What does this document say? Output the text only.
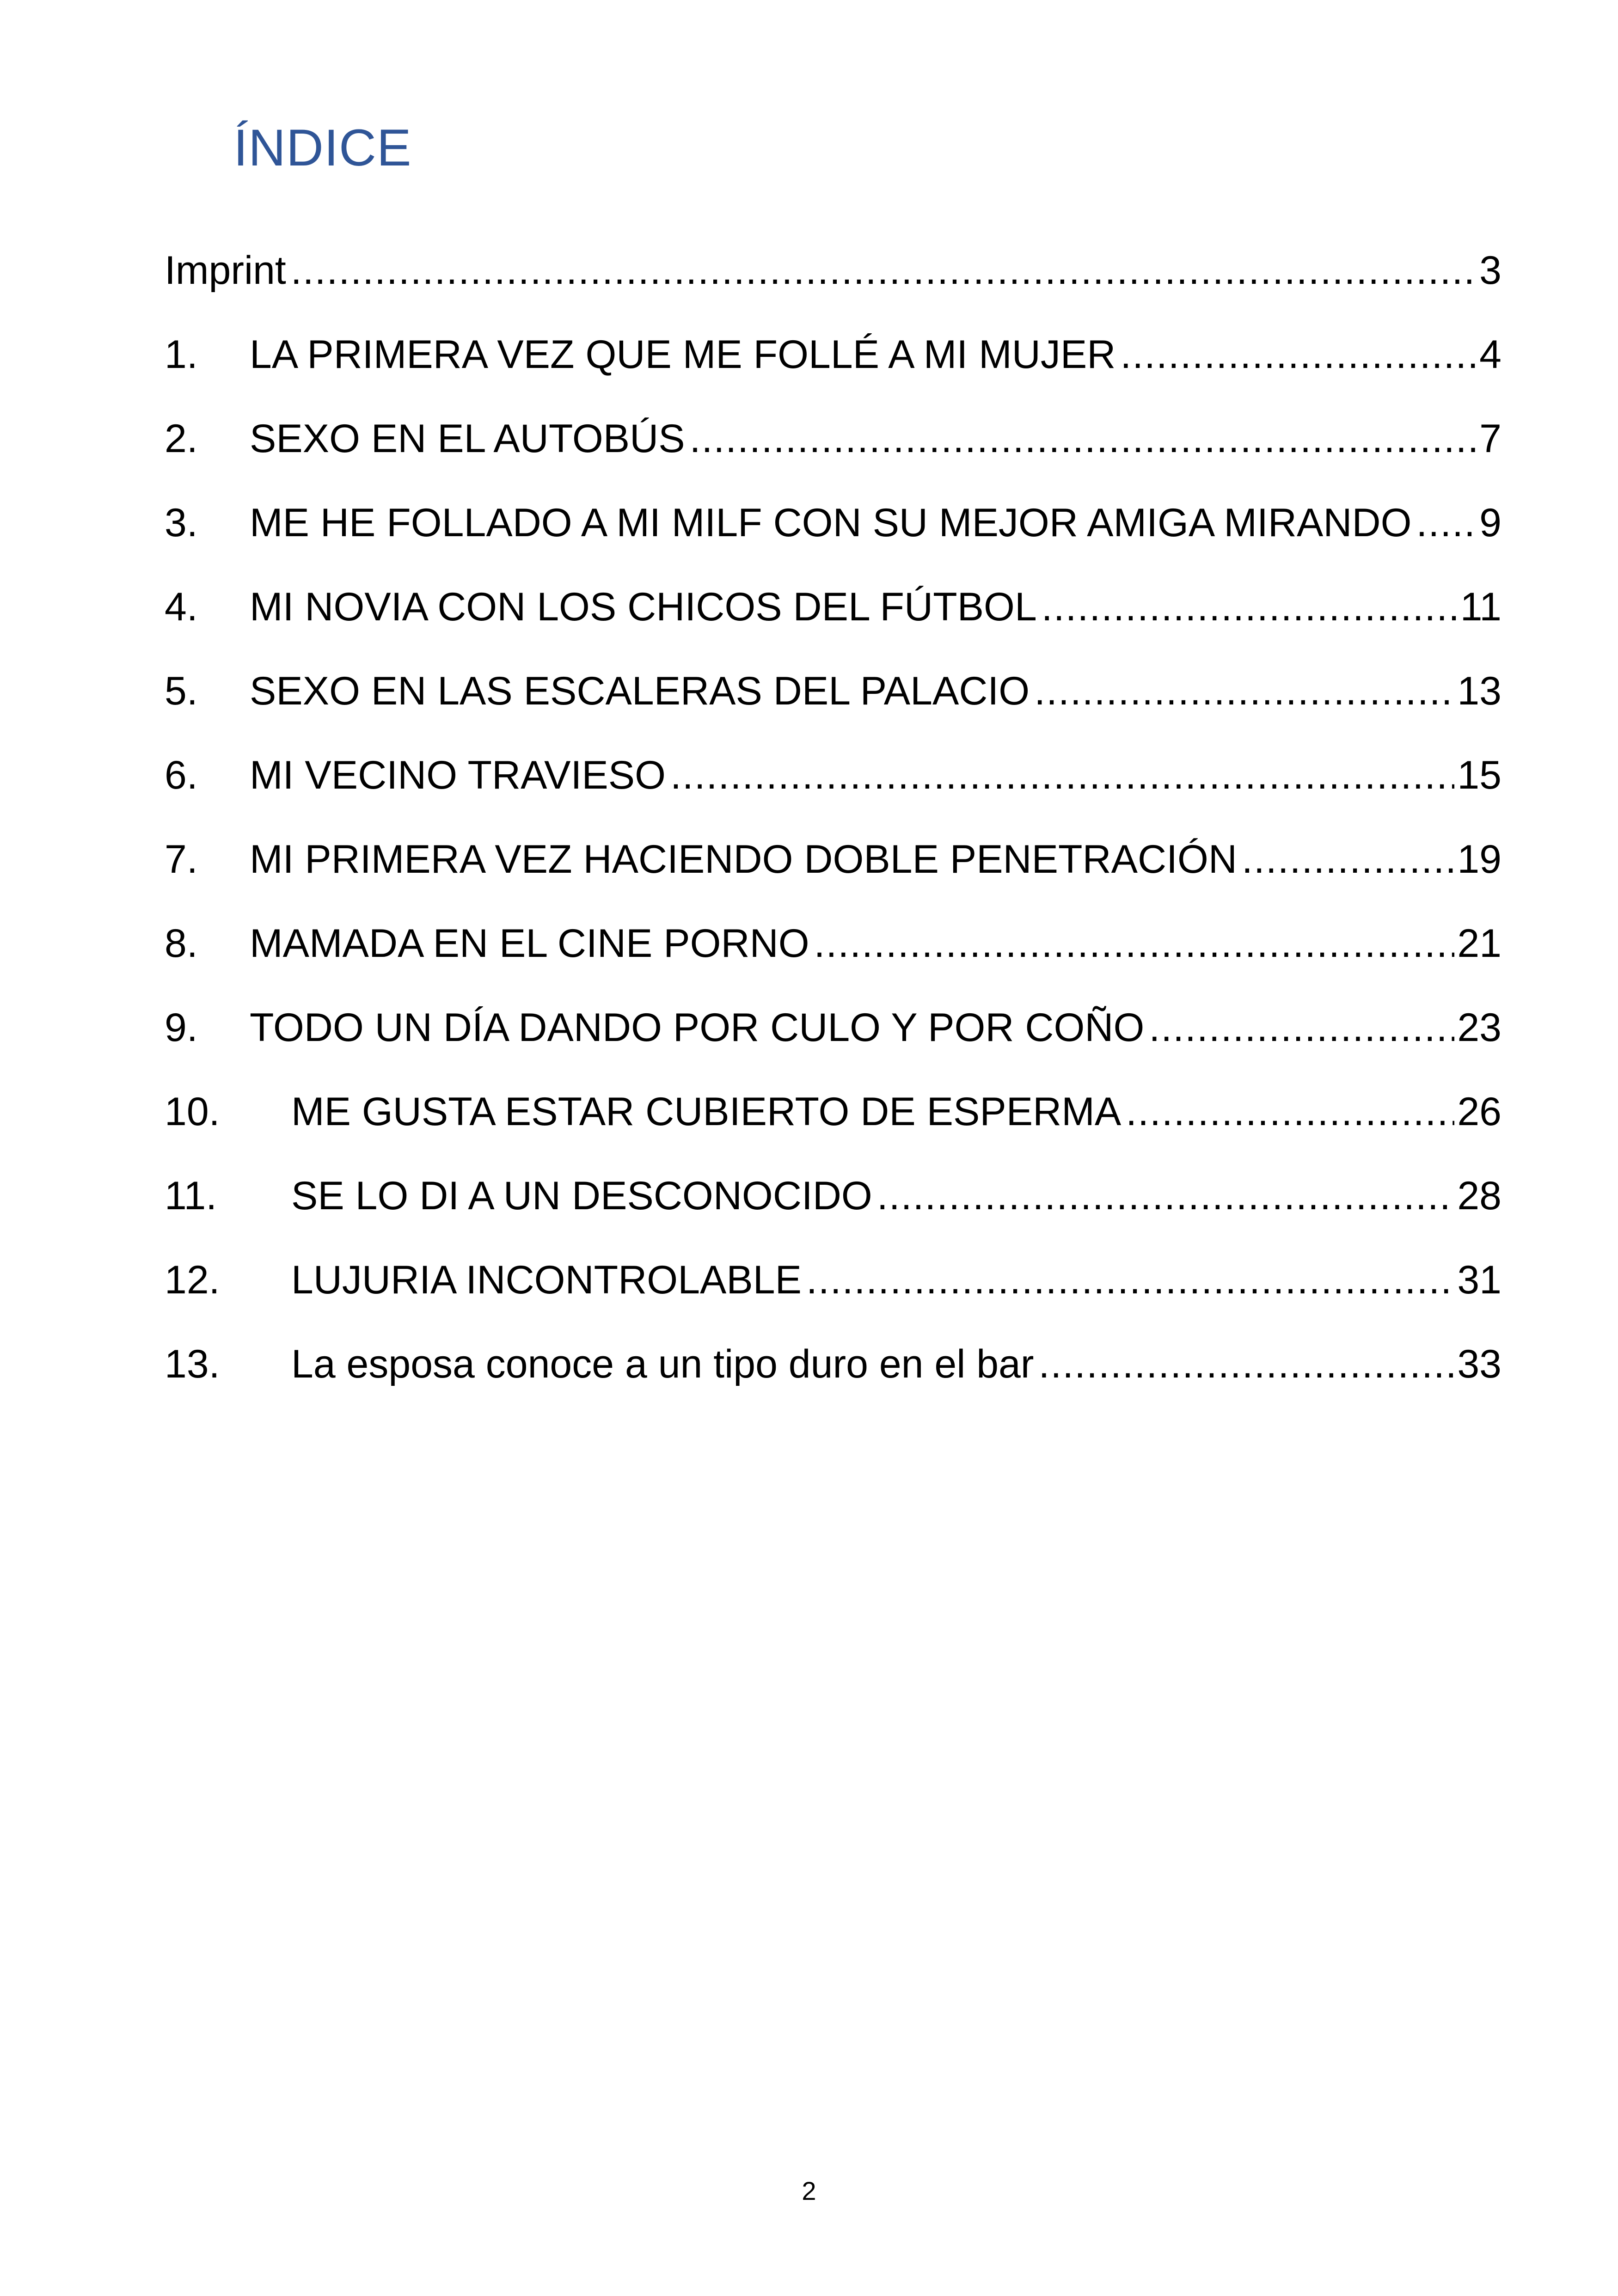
ÍNDICE
Imprint .....	3
1.	LA PRIMERA VEZ QUE ME FOLLÉ A MI MUJER .....	4
2.	SEXO EN EL AUTOBÚS .....	7
3.	ME HE FOLLADO A MI MILF CON SU MEJOR AMIGA MIRANDO ..... 9
4.	MI NOVIA CON LOS CHICOS DEL FÚTBOL .....	11
5.	SEXO EN LAS ESCALERAS DEL PALACIO .....	13
6.	MI VECINO TRAVIESO .....	15
7.	MI PRIMERA VEZ HACIENDO DOBLE PENETRACIÓN .....	19
8.	MAMADA EN EL CINE PORNO .....	21
9.	TODO UN DÍA DANDO POR CULO Y POR COÑO .....	23
10.	ME GUSTA ESTAR CUBIERTO DE ESPERMA .....	26
11.	SE LO DI A UN DESCONOCIDO .....	28
12.	LUJURIA INCONTROLABLE .....	31
13.	La esposa conoce a un tipo duro en el bar .....	33
2
